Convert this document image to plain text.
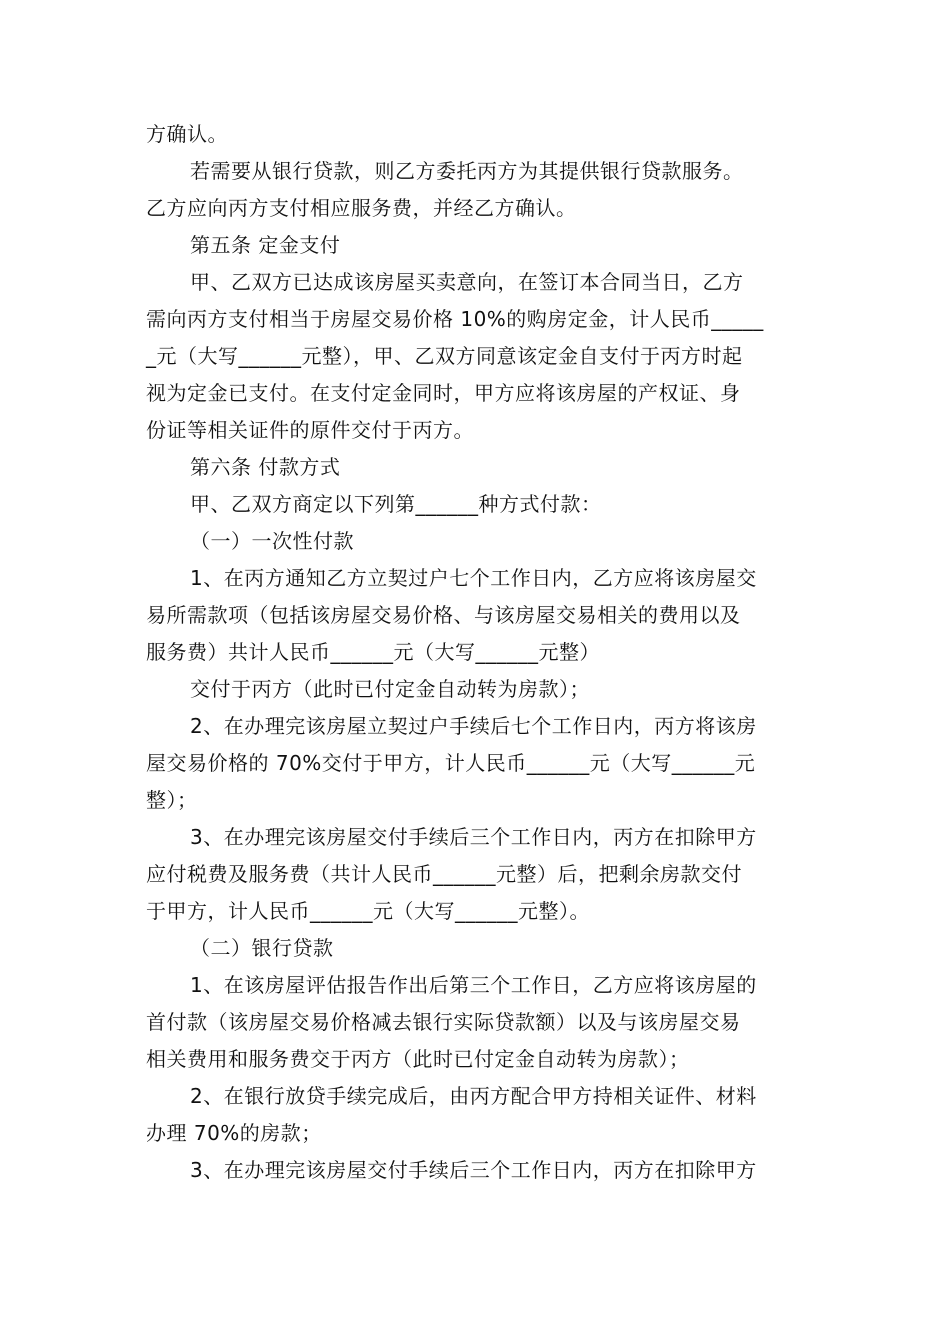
方确认。
若需要从银行贷款，则乙方委托丙方为其提供银行贷款服务。
乙方应向丙方支付相应服务费，并经乙方确认。
第五条 定金支付
甲、乙双方已达成该房屋买卖意向，在签订本合同当日，乙方
需向丙方支付相当于房屋交易价格 10%的购房定金，计人民币_____
_元（大写______元整），甲、乙双方同意该定金自支付于丙方时起
视为定金已支付。在支付定金同时，甲方应将该房屋的产权证、身
份证等相关证件的原件交付于丙方。
第六条 付款方式
甲、乙双方商定以下列第______种方式付款：
（一）一次性付款
1、在丙方通知乙方立契过户七个工作日内，乙方应将该房屋交
易所需款项（包括该房屋交易价格、与该房屋交易相关的费用以及
服务费）共计人民币______元（大写______元整）
交付于丙方（此时已付定金自动转为房款）；
2、在办理完该房屋立契过户手续后七个工作日内，丙方将该房
屋交易价格的 70%交付于甲方，计人民币______元（大写______元
整）；
3、在办理完该房屋交付手续后三个工作日内，丙方在扣除甲方
应付税费及服务费（共计人民币______元整）后，把剩余房款交付
于甲方，计人民币______元（大写______元整）。
（二）银行贷款
1、在该房屋评估报告作出后第三个工作日，乙方应将该房屋的
首付款（该房屋交易价格减去银行实际贷款额）以及与该房屋交易
相关费用和服务费交于丙方（此时已付定金自动转为房款）；
2、在银行放贷手续完成后，由丙方配合甲方持相关证件、材料
办理 70%的房款；
3、在办理完该房屋交付手续后三个工作日内，丙方在扣除甲方
